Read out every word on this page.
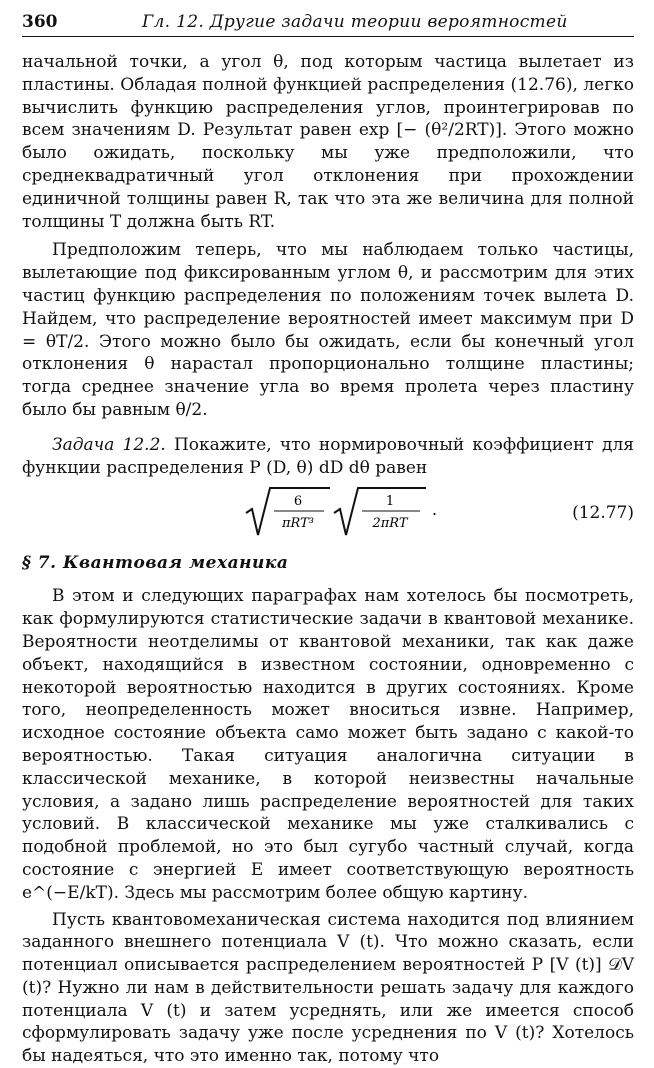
360	Гл. 12. Другие задачи теории вероятностей

начальной точки, а угол θ, под которым частица вылетает из пластины. Обладая полной функцией распределения (12.76), легко вычислить функцию распределения углов, проинтегрировав по всем значениям D. Результат равен exp [− (θ²/2RT)]. Этого можно было ожидать, поскольку мы уже предположили, что среднеквадратичный угол отклонения при прохождении единичной толщины равен R, так что эта же величина для полной толщины T должна быть RT.

Предположим теперь, что мы наблюдаем только частицы, вылетающие под фиксированным углом θ, и рассмотрим для этих частиц функцию распределения по положениям точек вылета D. Найдем, что распределение вероятностей имеет максимум при D = θT/2. Этого можно было бы ожидать, если бы конечный угол отклонения θ нарастал пропорционально толщине пластины; тогда среднее значение угла во время пролета через пластину было бы равным θ/2.

Задача 12.2. Покажите, что нормировочный коэффициент для функции распределения P (D, θ) dD dθ равен

6
πRT³
1
2πRT
.	(12.77)
§ 7. Квантовая механика

В этом и следующих параграфах нам хотелось бы посмотреть, как формулируются статистические задачи в квантовой механике. Вероятности неотделимы от квантовой механики, так как даже объект, находящийся в известном состоянии, одновременно с некоторой вероятностью находится в других состояниях. Кроме того, неопределенность может вноситься извне. Например, исходное состояние объекта само может быть задано с какой-то вероятностью. Такая ситуация аналогична ситуации в классической механике, в которой неизвестны начальные условия, а задано лишь распределение вероятностей для таких условий. В классической механике мы уже сталкивались с подобной проблемой, но это был сугубо частный случай, когда состояние с энергией E имеет соответствующую вероятность e^(−E/kT). Здесь мы рассмотрим более общую картину.

Пусть квантовомеханическая система находится под влиянием заданного внешнего потенциала V (t). Что можно сказать, если потенциал описывается распределением вероятностей P [V (t)] 𝒟V (t)? Нужно ли нам в действительности решать задачу для каждого потенциала V (t) и затем усреднять, или же имеется способ сформулировать задачу уже после усреднения по V (t)? Хотелось бы надеяться, что это именно так, потому что
